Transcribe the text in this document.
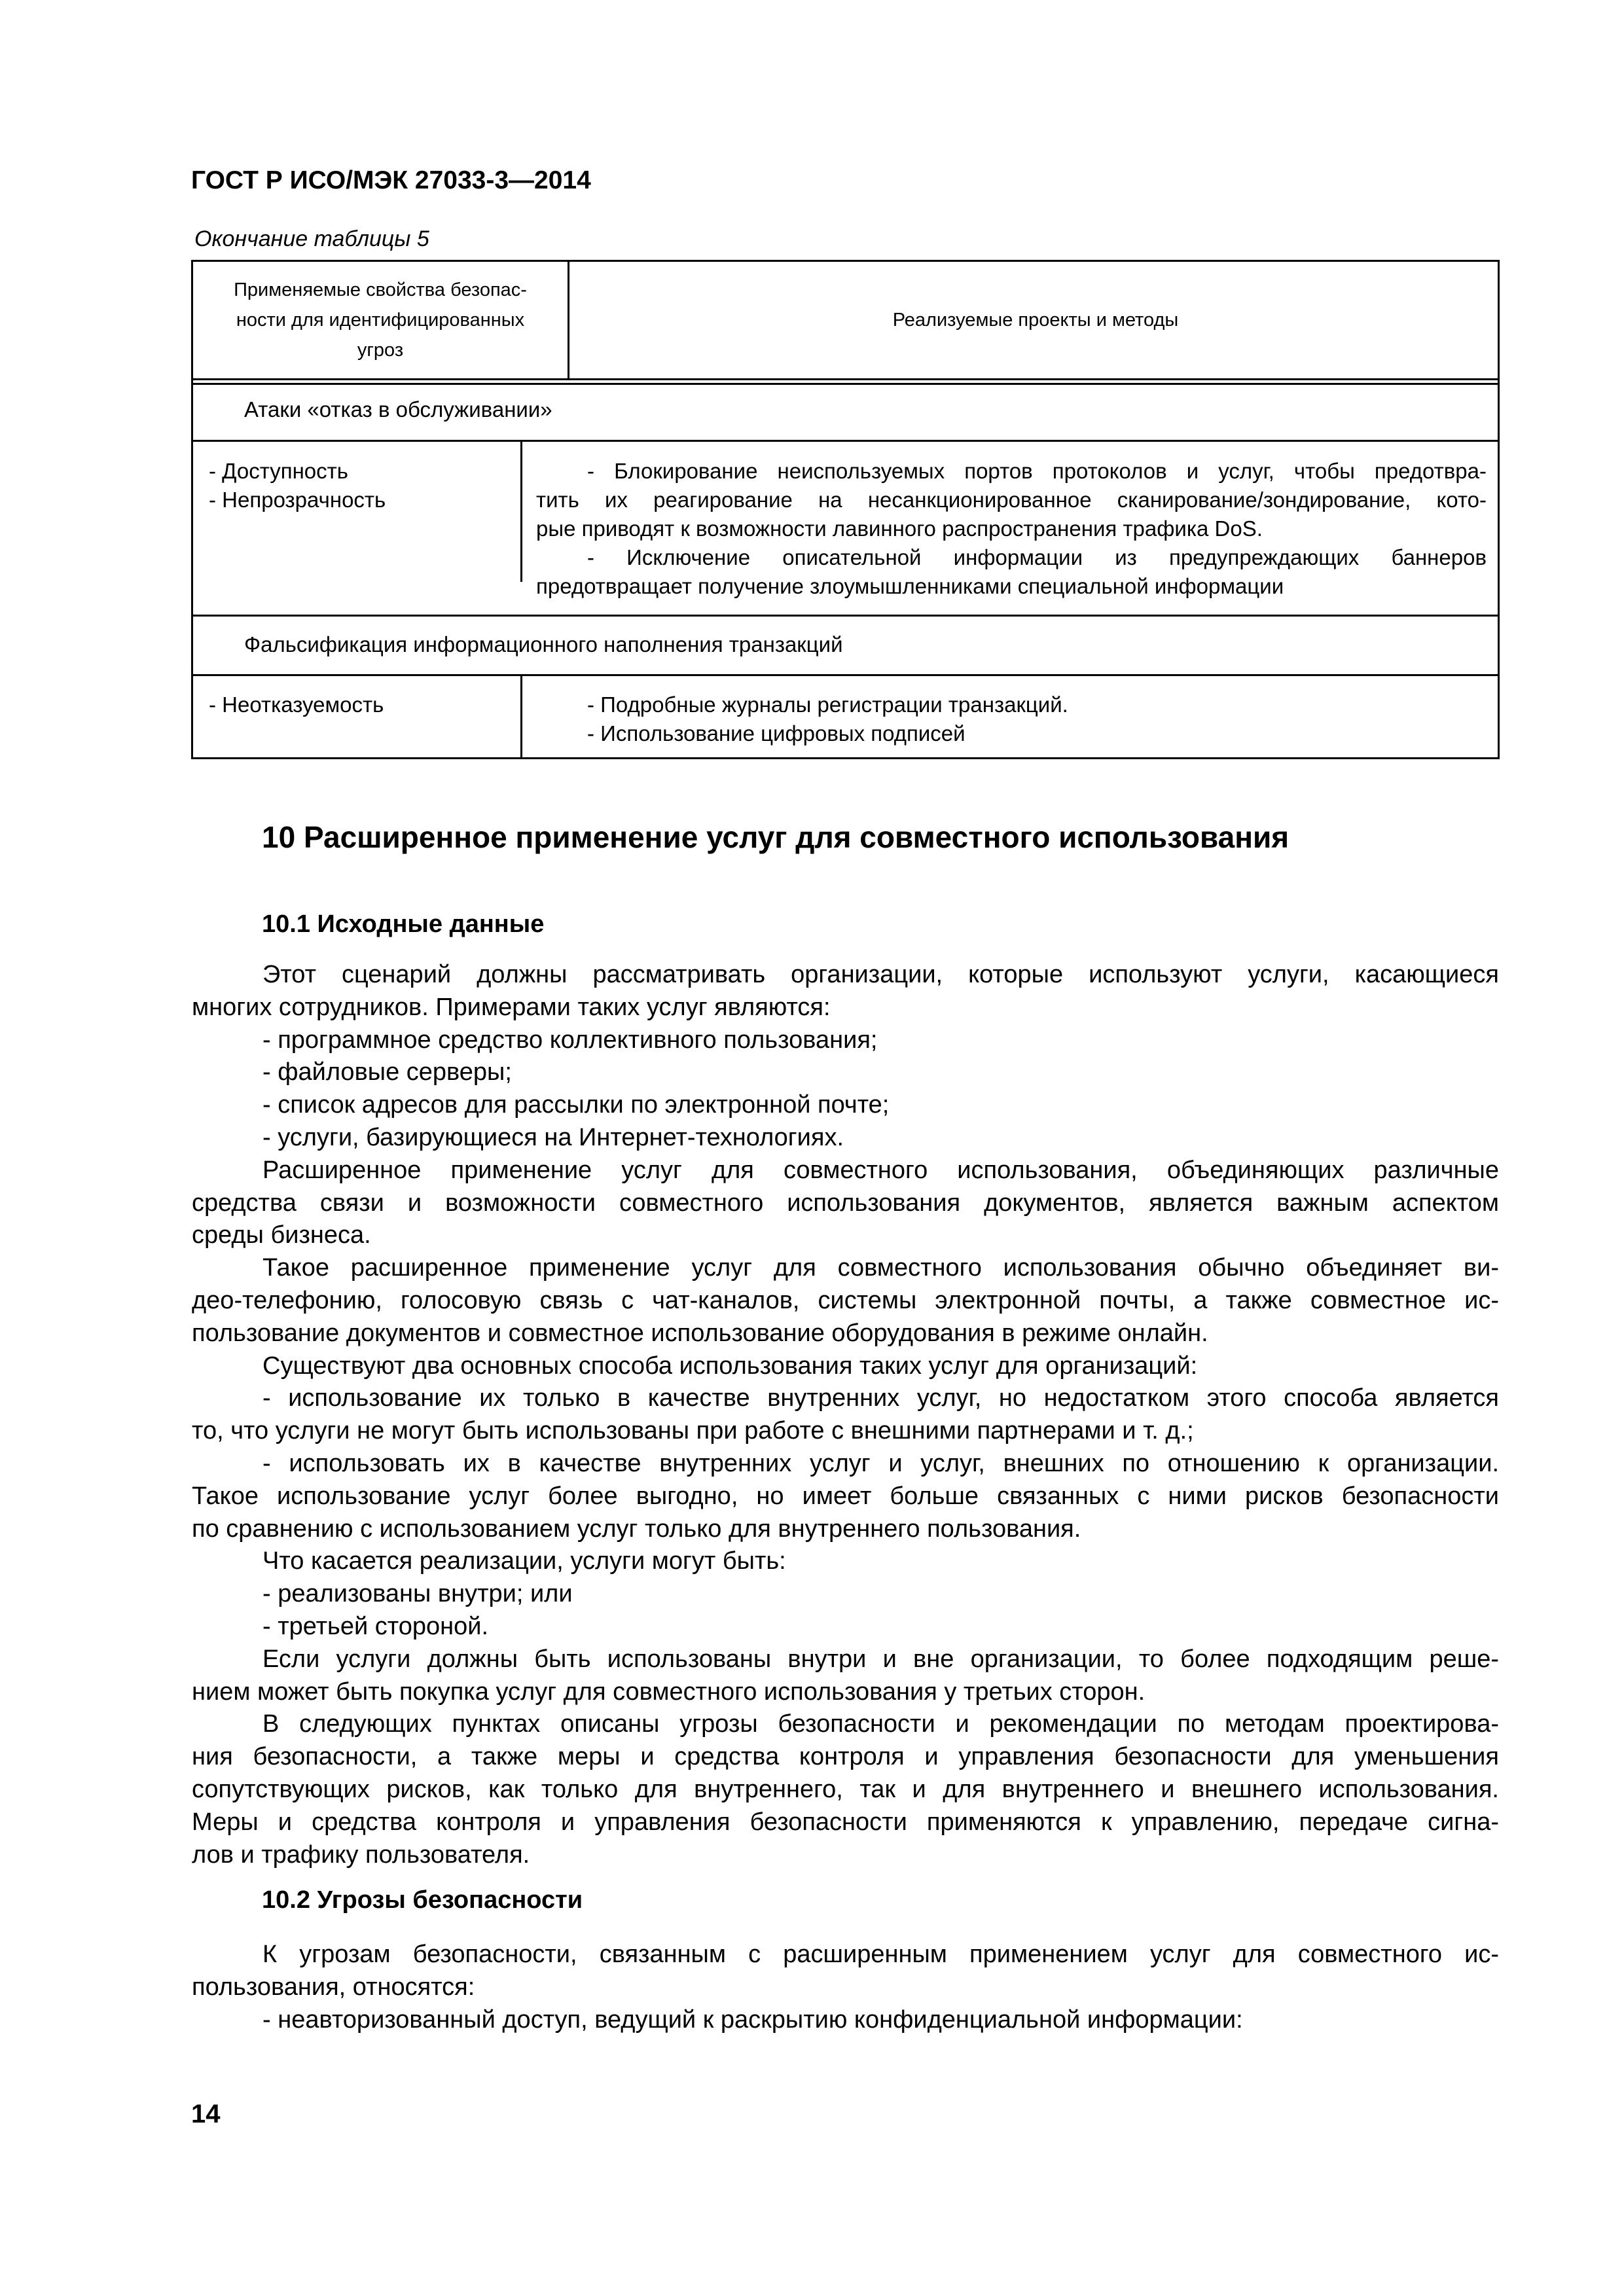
ГОСТ Р ИСО/МЭК 27033-3—2014
Окончание таблицы 5
Применяемые свойства безопас-
ности для идентифицированных
угроз
Реализуемые проекты и методы
Атаки «отказ в обслуживании»

- Доступность

- Непрозрачность

- Блокирование неиспользуемых портов протоколов и услуг, чтобы предотвра-

тить их реагирование на несанкционированное сканирование/зондирование, кото-

рые приводят к возможности лавинного распространения трафика DoS.

- Исключение описательной информации из предупреждающих баннеров

предотвращает получение злоумышленниками специальной информации

Фальсификация информационного наполнения транзакций

- Неотказуемость	- Подробные журналы регистрации транзакций.

- Использование цифровых подписей

10 Расширенное применение услуг для совместного использования
10.1 Исходные данные

Этот сценарий должны рассматривать организации, которые используют услуги, касающиеся

многих сотрудников. Примерами таких услуг являются:

- программное средство коллективного пользования;

- файловые серверы;

- список адресов для рассылки по электронной почте;

- услуги, базирующиеся на Интернет-технологиях.

Расширенное применение услуг для совместного использования, объединяющих различные

средства связи и возможности совместного использования документов, является важным аспектом

среды бизнеса.

Такое расширенное применение услуг для совместного использования обычно объединяет ви-

део-телефонию, голосовую связь с чат-каналов, системы электронной почты, а также совместное ис-

пользование документов и совместное использование оборудования в режиме онлайн.

Существуют два основных способа использования таких услуг для организаций:

- использование их только в качестве внутренних услуг, но недостатком этого способа является

то, что услуги не могут быть использованы при работе с внешними партнерами и т. д.;

- использовать их в качестве внутренних услуг и услуг, внешних по отношению к организации.

Такое использование услуг более выгодно, но имеет больше связанных с ними рисков безопасности

по сравнению с использованием услуг только для внутреннего пользования.

Что касается реализации, услуги могут быть:

- реализованы внутри; или

- третьей стороной.

Если услуги должны быть использованы внутри и вне организации, то более подходящим реше-

нием может быть покупка услуг для совместного использования у третьих сторон.

В следующих пунктах описаны угрозы безопасности и рекомендации по методам проектирова-

ния безопасности, а также меры и средства контроля и управления безопасности для уменьшения

сопутствующих рисков, как только для внутреннего, так и для внутреннего и внешнего использования.

Меры и средства контроля и управления безопасности применяются к управлению, передаче сигна-

лов и трафику пользователя.

10.2 Угрозы безопасности

К угрозам безопасности, связанным с расширенным применением услуг для совместного ис-

пользования, относятся:

- неавторизованный доступ, ведущий к раскрытию конфиденциальной информации:

14
